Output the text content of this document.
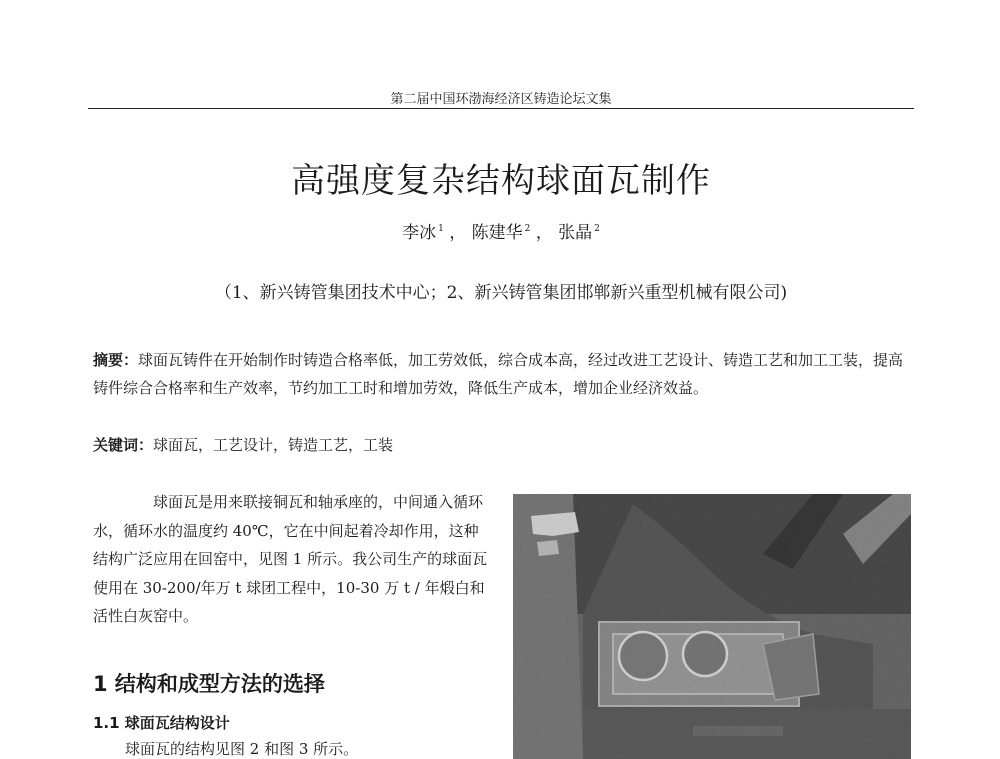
第二届中国环渤海经济区铸造论坛文集
高强度复杂结构球面瓦制作
李冰 $^1$ ， 陈建华 $^2$ ， 张晶 $^2$
（1、新兴铸管集团技术中心；2、新兴铸管集团邯郸新兴重型机械有限公司)

摘要：球面瓦铸件在开始制作时铸造合格率低，加工劳效低，综合成本高，经过改进工艺设计、铸造工艺和加工工装，提高铸件综合合格率和生产效率，节约加工工时和增加劳效，降低生产成本，增加企业经济效益。

关键词：球面瓦，工艺设计，铸造工艺，工装

球面瓦是用来联接铜瓦和轴承座的，中间通入循环水，循环水的温度约 40℃，它在中间起着冷却作用，这种结构广泛应用在回窑中，见图 1 所示。我公司生产的球面瓦使用在 30-200/年万 t 球团工程中，10-30 万 t / 年煅白和活性白灰窑中。

1 结构和成型方法的选择
1.1 球面瓦结构设计

球面瓦的结构见图 2 和图 3 所示。
